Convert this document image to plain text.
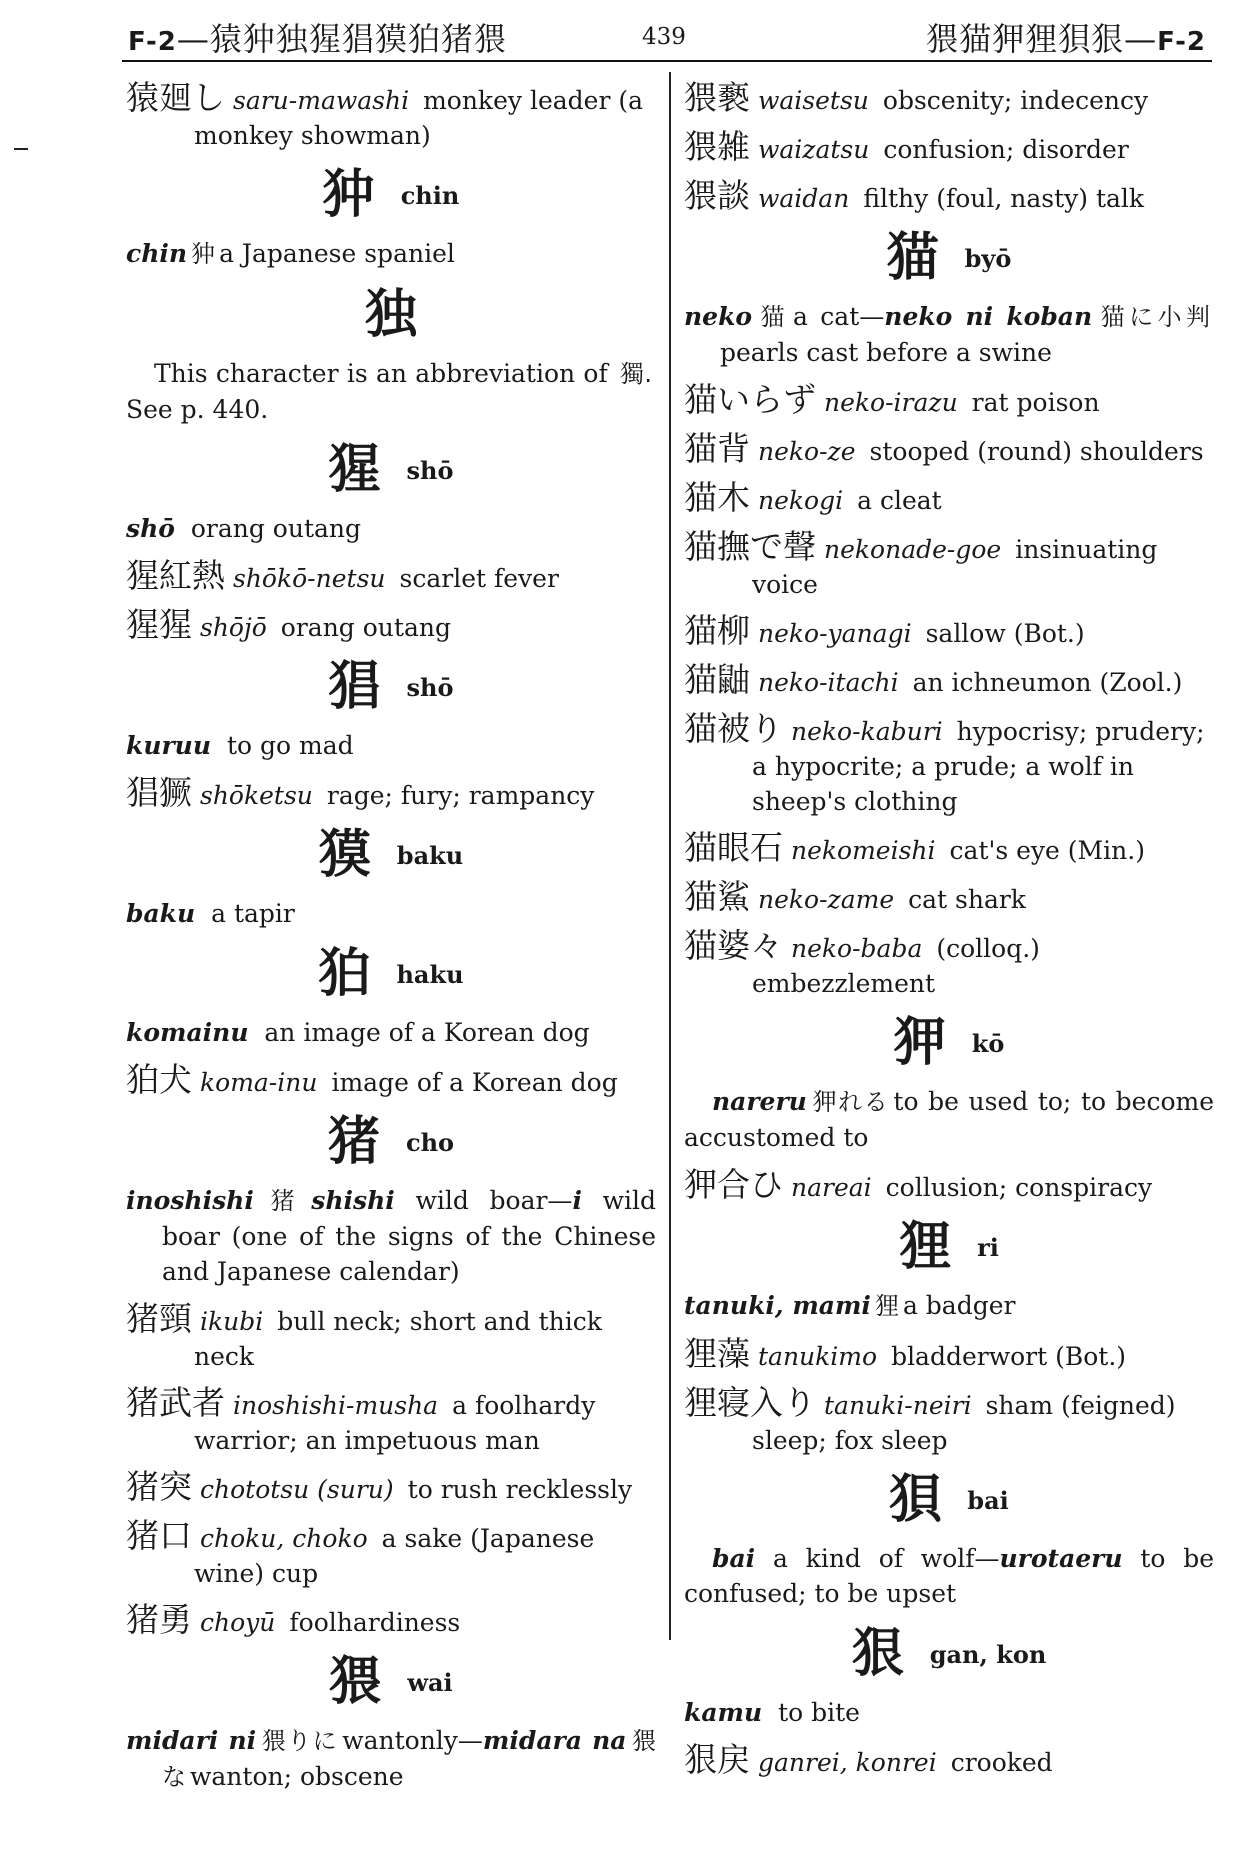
F-2—猿狆独猩猖獏狛猪猥	439	猥猫狎狸狽狠—F-2
猿廻し saru-mawashi monkey leader (a monkey showman)
狆 chin
chin 狆 a Japanese spaniel
独
This character is an abbreviation of 獨. See p. 440.
猩 shō
shō orang outang
猩紅熱 shōkō-netsu scarlet fever
猩猩 shōjō orang outang
猖 shō
kuruu to go mad
猖獗 shōketsu rage; fury; rampancy
獏 baku
baku a tapir
狛 haku
komainu an image of a Korean dog
狛犬 koma-inu image of a Korean dog
猪 cho
inoshishi 猪 shishi wild boar—i wild boar (one of the signs of the Chinese and Japanese calendar)
猪頸 ikubi bull neck; short and thick neck
猪武者 inoshishi-musha a foolhardy warrior; an impetuous man
猪突 chototsu (suru) to rush recklessly
猪口 choku, choko a sake (Japanese wine) cup
猪勇 choyū foolhardiness
猥 wai
midari ni 猥りに wantonly—midara na 猥な wanton; obscene
猥褻 waisetsu obscenity; indecency
猥雑 waizatsu confusion; disorder
猥談 waidan filthy (foul, nasty) talk
猫 byō
neko 猫 a cat—neko ni koban 猫に小判pearls cast before a swine
猫いらず neko-irazu rat poison
猫背 neko-ze stooped (round) shoulders
猫木 nekogi a cleat
猫撫で聲 nekonade-goe insinuating voice
猫柳 neko-yanagi sallow (Bot.)
猫鼬 neko-itachi an ichneumon (Zool.)
猫被り neko-kaburi hypocrisy; prudery; a hypocrite; a prude; a wolf in sheep's clothing
猫眼石 nekomeishi cat's eye (Min.)
猫鯊 neko-zame cat shark
猫婆々 neko-baba (colloq.) embezzlement
狎 kō
nareru 狎れる to be used to; to become accustomed to
狎合ひ nareai collusion; conspiracy
狸 ri
tanuki, mami 狸 a badger
狸藻 tanukimo bladderwort (Bot.)
狸寝入り tanuki-neiri sham (feigned) sleep; fox sleep
狽 bai
bai a kind of wolf—urotaeru to be confused; to be upset
狠 gan, kon
kamu to bite
狠戻 ganrei, konrei crooked
